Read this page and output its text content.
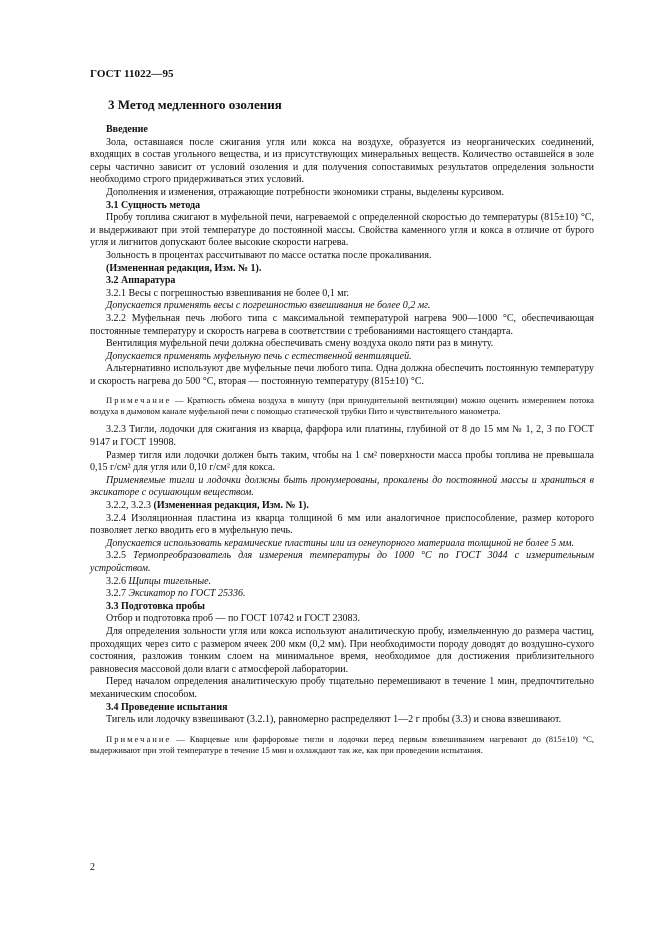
ГОСТ 11022—95
3 Метод медленного озоления

Введение

Зола, оставшаяся после сжигания угля или кокса на воздухе, образуется из неорганических соединений, входящих в состав угольного вещества, и из присутствующих минеральных веществ. Количество оставшейся в золе серы частично зависит от условий озоления и для получения сопоставимых результатов определения зольности необходимо строго придерживаться этих условий.

Дополнения и изменения, отражающие потребности экономики страны, выделены курсивом.

3.1 Сущность метода

Пробу топлива сжигают в муфельной печи, нагреваемой с определенной скоростью до температуры (815±10) °С, и выдерживают при этой температуре до постоянной массы. Свойства каменного угля и кокса в отличие от бурого угля и лигнитов допускают более высокие скорости нагрева.

Зольность в процентах рассчитывают по массе остатка после прокаливания.

(Измененная редакция, Изм. № 1).

3.2 Аппаратура

3.2.1 Весы с погрешностью взвешивания не более 0,1 мг.

Допускается применять весы с погрешностью взвешивания не более 0,2 мг.

3.2.2 Муфельная печь любого типа с максимальной температурой нагрева 900—1000 °С, обеспечивающая постоянные температуру и скорость нагрева в соответствии с требованиями настоящего стандарта.

Вентиляция муфельной печи должна обеспечивать смену воздуха около пяти раз в минуту.

Допускается применять муфельную печь с естественной вентиляцией.

Альтернативно используют две муфельные печи любого типа. Одна должна обеспечить постоянную температуру и скорость нагрева до 500 °С, вторая — постоянную температуру (815±10) °С.

Примечание — Кратность обмена воздуха в минуту (при принудительной вентиляции) можно оценить измерением потока воздуха в дымовом канале муфельной печи с помощью статической трубки Пито и чувствительного манометра.

3.2.3 Тигли, лодочки для сжигания из кварца, фарфора или платины, глубиной от 8 до 15 мм № 1, 2, 3 по ГОСТ 9147 и ГОСТ 19908.

Размер тигля или лодочки должен быть таким, чтобы на 1 см² поверхности масса пробы топлива не превышала 0,15 г/см² для угля или 0,10 г/см² для кокса.

Применяемые тигли и лодочки должны быть пронумерованы, прокалены до постоянной массы и храниться в эксикаторе с осушающим веществом.

3.2.2, 3.2.3 (Измененная редакция, Изм. № 1).

3.2.4 Изоляционная пластина из кварца толщиной 6 мм или аналогичное приспособление, размер которого позволяет легко вводить его в муфельную печь.

Допускается использовать керамические пластины или из огнеупорного материала толщиной не более 5 мм.

3.2.5 Термопреобразователь для измерения температуры до 1000 °С по ГОСТ 3044 с измерительным устройством.

3.2.6 Щипцы тигельные.

3.2.7 Эксикатор по ГОСТ 25336.

3.3 Подготовка пробы

Отбор и подготовка проб — по ГОСТ 10742 и ГОСТ 23083.

Для определения зольности угля или кокса используют аналитическую пробу, измельченную до размера частиц, проходящих через сито с размером ячеек 200 мкм (0,2 мм). При необходимости породу доводят до воздушно-сухого состояния, разложив тонким слоем на минимальное время, необходимое для достижения приблизительного равновесия массовой доли влаги с атмосферой лаборатории.

Перед началом определения аналитическую пробу тщательно перемешивают в течение 1 мин, предпочтительно механическим способом.

3.4 Проведение испытания

Тигель или лодочку взвешивают (3.2.1), равномерно распределяют 1—2 г пробы (3.3) и снова взвешивают.

Примечание — Кварцевые или фарфоровые тигли и лодочки перед первым взвешиванием нагревают до (815±10) °С, выдерживают при этой температуре в течение 15 мин и охлаждают так же, как при проведении испытания.

2
